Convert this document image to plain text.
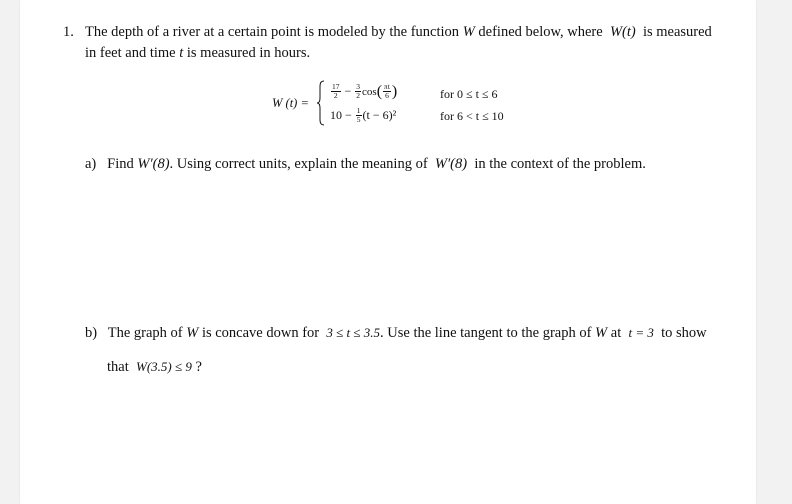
1. The depth of a river at a certain point is modeled by the function W defined below, where W(t) is measured
in feet and time t is measured in hours.
W (t) =
$\frac{17}{2}$
−
$\frac{3}{2}$ cos ( $\frac{\pi t}{6}$ )	for 0 ≤ t ≤ 6
10 −
$\frac{1}{5} (t - 6)^2$	for 6 < t ≤ 10
a) Find W′(8). Using correct units, explain the meaning of W′(8) in the context of the problem.
b) The graph of W is concave down for 3 ≤ t ≤ 3.5. Use the line tangent to the graph of W at t = 3 to show
that W(3.5) ≤ 9 ?
